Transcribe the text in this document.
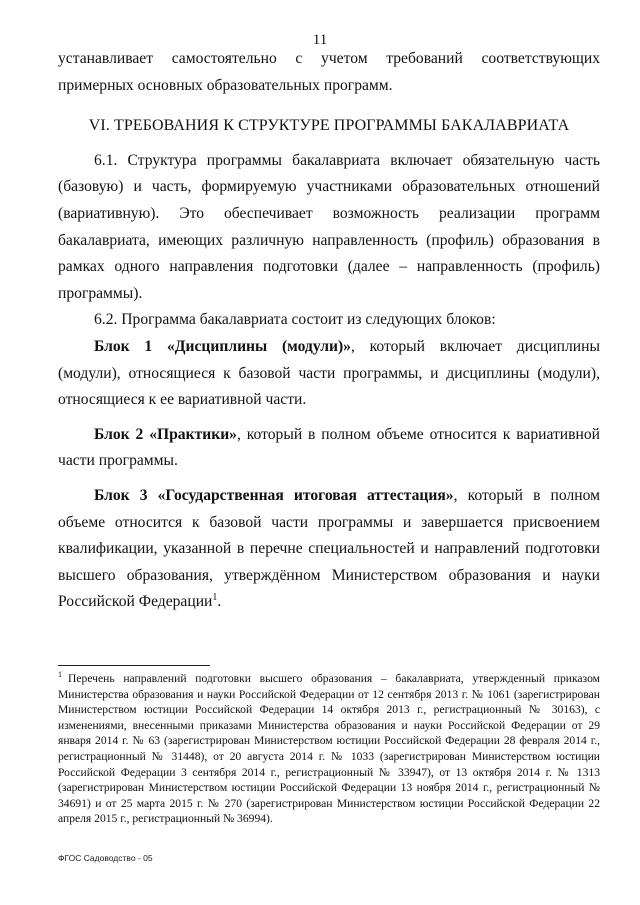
11

устанавливает самостоятельно с учетом требований соответствующих примерных основных образовательных программ.

VI. ТРЕБОВАНИЯ К СТРУКТУРЕ ПРОГРАММЫ БАКАЛАВРИАТА

6.1. Структура программы бакалавриата включает обязательную часть (базовую) и часть, формируемую участниками образовательных отношений (вариативную). Это обеспечивает возможность реализации программ бакалавриата, имеющих различную направленность (профиль) образования в рамках одного направления подготовки (далее – направленность (профиль) программы).

6.2. Программа бакалавриата состоит из следующих блоков:

Блок 1 «Дисциплины (модули)», который включает дисциплины (модули), относящиеся к базовой части программы, и дисциплины (модули), относящиеся к ее вариативной части.

Блок 2 «Практики», который в полном объеме относится к вариативной части программы.

Блок 3 «Государственная итоговая аттестация», который в полном объеме относится к базовой части программы и завершается присвоением квалификации, указанной в перечне специальностей и направлений подготовки высшего образования, утверждённом Министерством образования и науки Российской Федерации$^1$.

$^1$ Перечень направлений подготовки высшего образования – бакалавриата, утвержденный приказом Министерства образования и науки Российской Федерации от 12 сентября 2013 г. № 1061 (зарегистрирован Министерством юстиции Российской Федерации 14 октября 2013 г., регистрационный № 30163), с изменениями, внесенными приказами Министерства образования и науки Российской Федерации от 29 января 2014 г. № 63 (зарегистрирован Министерством юстиции Российской Федерации 28 февраля 2014 г., регистрационный № 31448), от 20 августа 2014 г. № 1033 (зарегистрирован Министерством юстиции Российской Федерации 3 сентября 2014 г., регистрационный № 33947), от 13 октября 2014 г. № 1313 (зарегистрирован Министерством юстиции Российской Федерации 13 ноября 2014 г., регистрационный № 34691) и от 25 марта 2015 г. № 270 (зарегистрирован Министерством юстиции Российской Федерации 22 апреля 2015 г., регистрационный № 36994).
ФГОС Садоводство - 05
